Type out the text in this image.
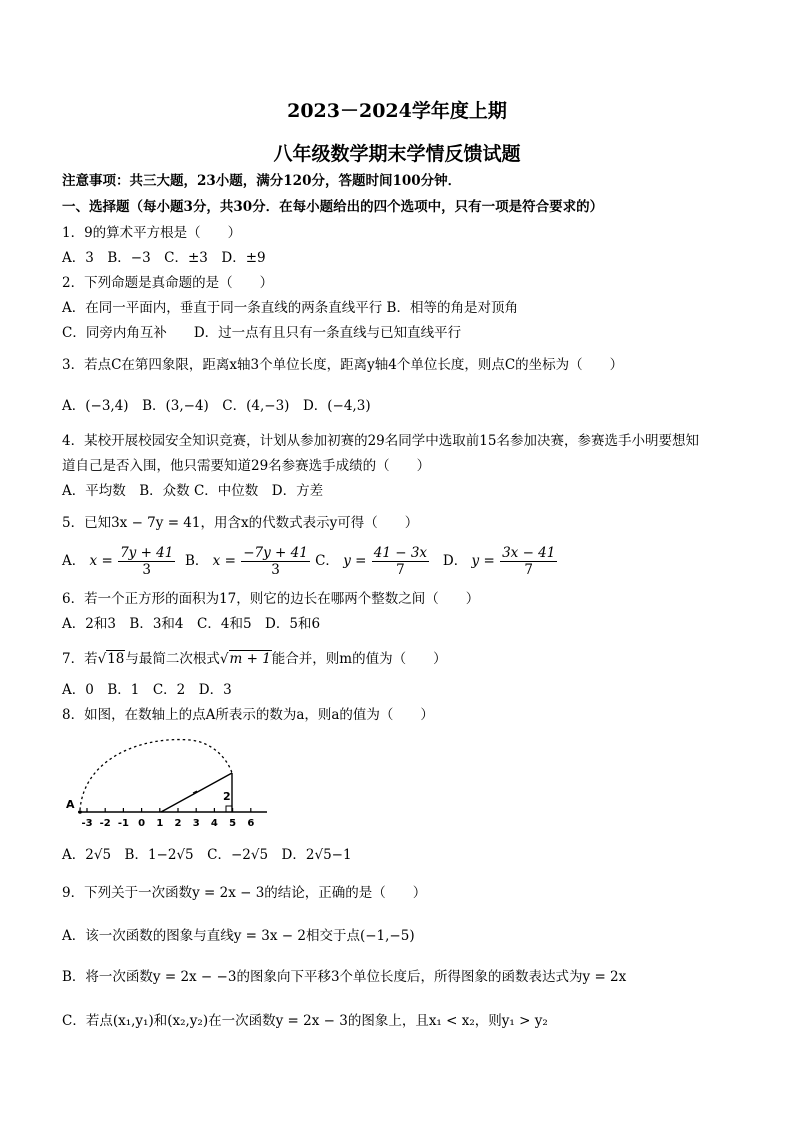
2023－2024学年度上期
八年级数学期末学情反馈试题
注意事项：共三大题，23小题，满分120分，答题时间100分钟．
一、选择题（每小题3分，共30分．在每小题给出的四个选项中，只有一项是符合要求的）
1．9的算术平方根是（　　）
A．3　B．−3　C．±3　D．±9
2．下列命题是真命题的是（　　）
A．在同一平面内，垂直于同一条直线的两条直线平行 B．相等的角是对顶角
C．同旁内角互补　　D．过一点有且只有一条直线与已知直线平行
3．若点C在第四象限，距离x轴3个单位长度，距离y轴4个单位长度，则点C的坐标为（　　）
A．(−3,4)　B．(3,−4)　C．(4,−3)　D．(−4,3)
4．某校开展校园安全知识竞赛，计划从参加初赛的29名同学中选取前15名参加决赛，参赛选手小明要想知
道自己是否入围，他只需要知道29名参赛选手成绩的（　　）
A．平均数　B．众数 C．中位数　D．方差
5．已知3x − 7y = 41，用含x的代数式表示y可得（　　）
A． $x = \frac{7y + 41}{3}$ B． $x = \frac{-7y + 41}{3}$ C． $y = \frac{41 - 3x}{7}$ D． $y = \frac{3x - 41}{7}$
6．若一个正方形的面积为17，则它的边长在哪两个整数之间（　　）
A．2和3　B．3和4　C．4和5　D．5和6
7．若√18与最简二次根式√m + 1能合并，则m的值为（　　）
A．0　B．1　C．2　D．3
8．如图，在数轴上的点A所表示的数为a，则a的值为（　　）
A
2
-3 -2 -1 0 1 2 3 4 5 6
A．2√5　B．1−2√5　C．−2√5　D．2√5−1
9．下列关于一次函数y = 2x − 3的结论，正确的是（　　）
A．该一次函数的图象与直线y = 3x − 2相交于点(−1,−5)
B．将一次函数y = 2x − −3的图象向下平移3个单位长度后，所得图象的函数表达式为y = 2x
C．若点(x₁,y₁)和(x₂,y₂)在一次函数y = 2x − 3的图象上，且x₁ < x₂，则y₁ > y₂
